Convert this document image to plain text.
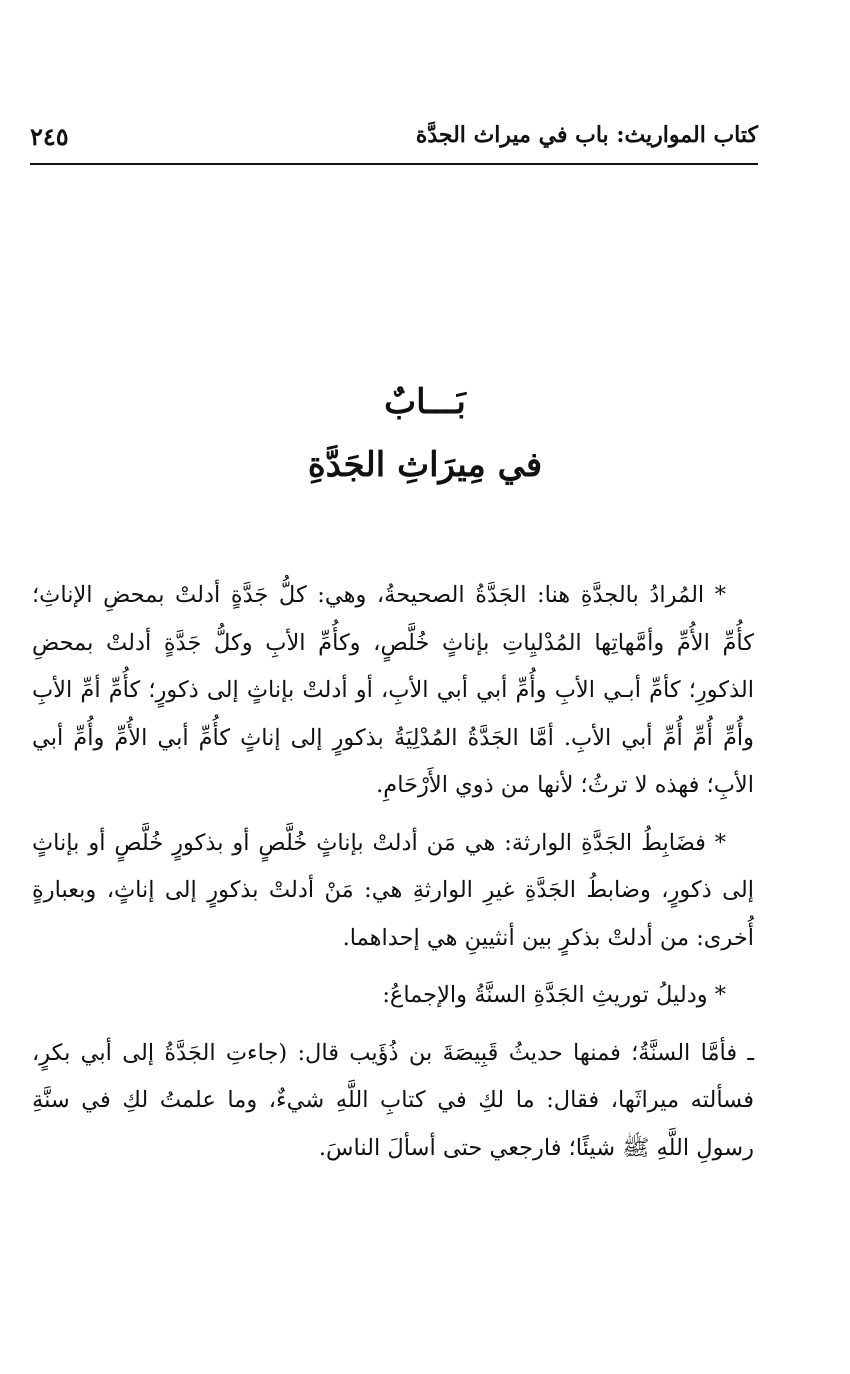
كتاب المواريث: باب في ميراث الجدَّة
٢٤٥
بَـــابٌ
في مِيرَاثِ الجَدَّةِ

* المُرادُ بالجدَّةِ هنا: الجَدَّةُ الصحيحةُ، وهي: كلُّ جَدَّةٍ أدلتْ بمحضِ الإناثِ؛ كأُمِّ الأُمِّ وأمَّهاتِها المُدْليِاتِ بإناثٍ خُلَّصٍ، وكأُمِّ الأبِ وكلُّ جَدَّةٍ أدلتْ بمحضِ الذكورِ؛ كأمِّ أبـي الأبِ وأُمِّ أبي أبي الأبِ، أو أدلتْ بإناثٍ إلى ذكورٍ؛ كأُمِّ أمِّ الأبِ وأُمِّ أُمِّ أُمِّ أبي الأبِ. أمَّا الجَدَّةُ المُدْلِيَةُ بذكورٍ إلى إناثٍ كأُمِّ أبي الأُمِّ وأُمِّ أبي الأبِ؛ فهذه لا ترثُ؛ لأنها من ذوي الأَرْحَامِ.

* فضَابِطُ الجَدَّةِ الوارثة: هي مَن أدلتْ بإناثٍ خُلَّصٍ أو بذكورٍ خُلَّصٍ أو بإناثٍ إلى ذكورٍ، وضابطُ الجَدَّةِ غيرِ الوارثةِ هي: مَنْ أدلتْ بذكورٍ إلى إناثٍ، وبعبارةٍ أُخرى: من أدلتْ بذكرٍ بين أنثيينِ هي إحداهما.

* ودليلُ توريثِ الجَدَّةِ السنَّةُ والإجماعُ:

ـ فأمَّا السنَّةُ؛ فمنها حديثُ قَبِيصَةَ بن ذُؤَيب قال: (جاءتِ الجَدَّةُ إلى أبي بكرٍ، فسألته ميراثَها، فقال: ما لكِ في كتابِ اللَّهِ شيءٌ، وما علمتُ لكِ في سنَّةِ رسولِ اللَّهِ ﷺ شيئًا؛ فارجعي حتى أسألَ الناسَ.
